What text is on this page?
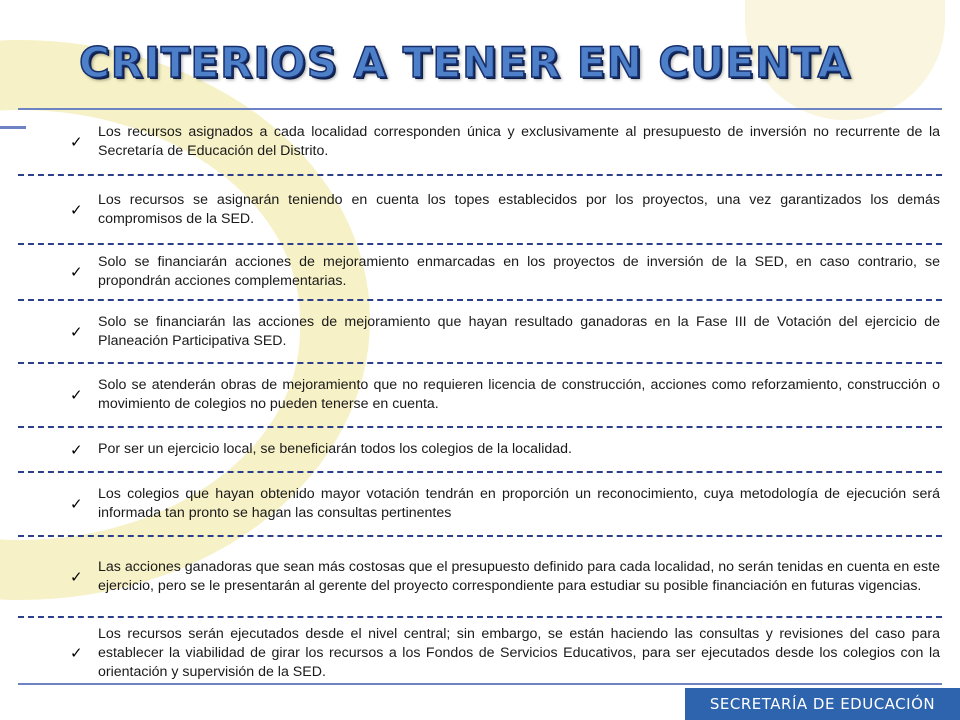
CRITERIOS A TENER EN CUENTA
✓
Los recursos asignados a cada localidad corresponden única y exclusivamente al presupuesto de inversión no recurrente de la Secretaría de Educación del Distrito.
✓
Los recursos se asignarán teniendo en cuenta los topes establecidos por los proyectos, una vez garantizados los demás compromisos de la SED.
✓
Solo se financiarán acciones de mejoramiento enmarcadas en los proyectos de inversión de la SED, en caso contrario, se propondrán acciones complementarias.
✓
Solo se financiarán las acciones de mejoramiento que hayan resultado ganadoras en la Fase III de Votación del ejercicio de Planeación Participativa SED.
✓
Solo se atenderán obras de mejoramiento que no requieren licencia de construcción, acciones como reforzamiento, construcción o movimiento de colegios no pueden tenerse en cuenta.
✓ Por ser un ejercicio local, se beneficiarán todos los colegios de la localidad.
✓
Los colegios que hayan obtenido mayor votación tendrán en proporción un reconocimiento, cuya metodología de ejecución será informada tan pronto se hagan las consultas pertinentes
✓
Las acciones ganadoras que sean más costosas que el presupuesto definido para cada localidad, no serán tenidas en cuenta en este ejercicio, pero se le presentarán al gerente del proyecto correspondiente para estudiar su posible financiación en futuras vigencias.
✓
Los recursos serán ejecutados desde el nivel central; sin embargo, se están haciendo las consultas y revisiones del caso para establecer la viabilidad de girar los recursos a los Fondos de Servicios Educativos, para ser ejecutados desde los colegios con la orientación y supervisión de la SED.
SECRETARÍA DE EDUCACIÓN
